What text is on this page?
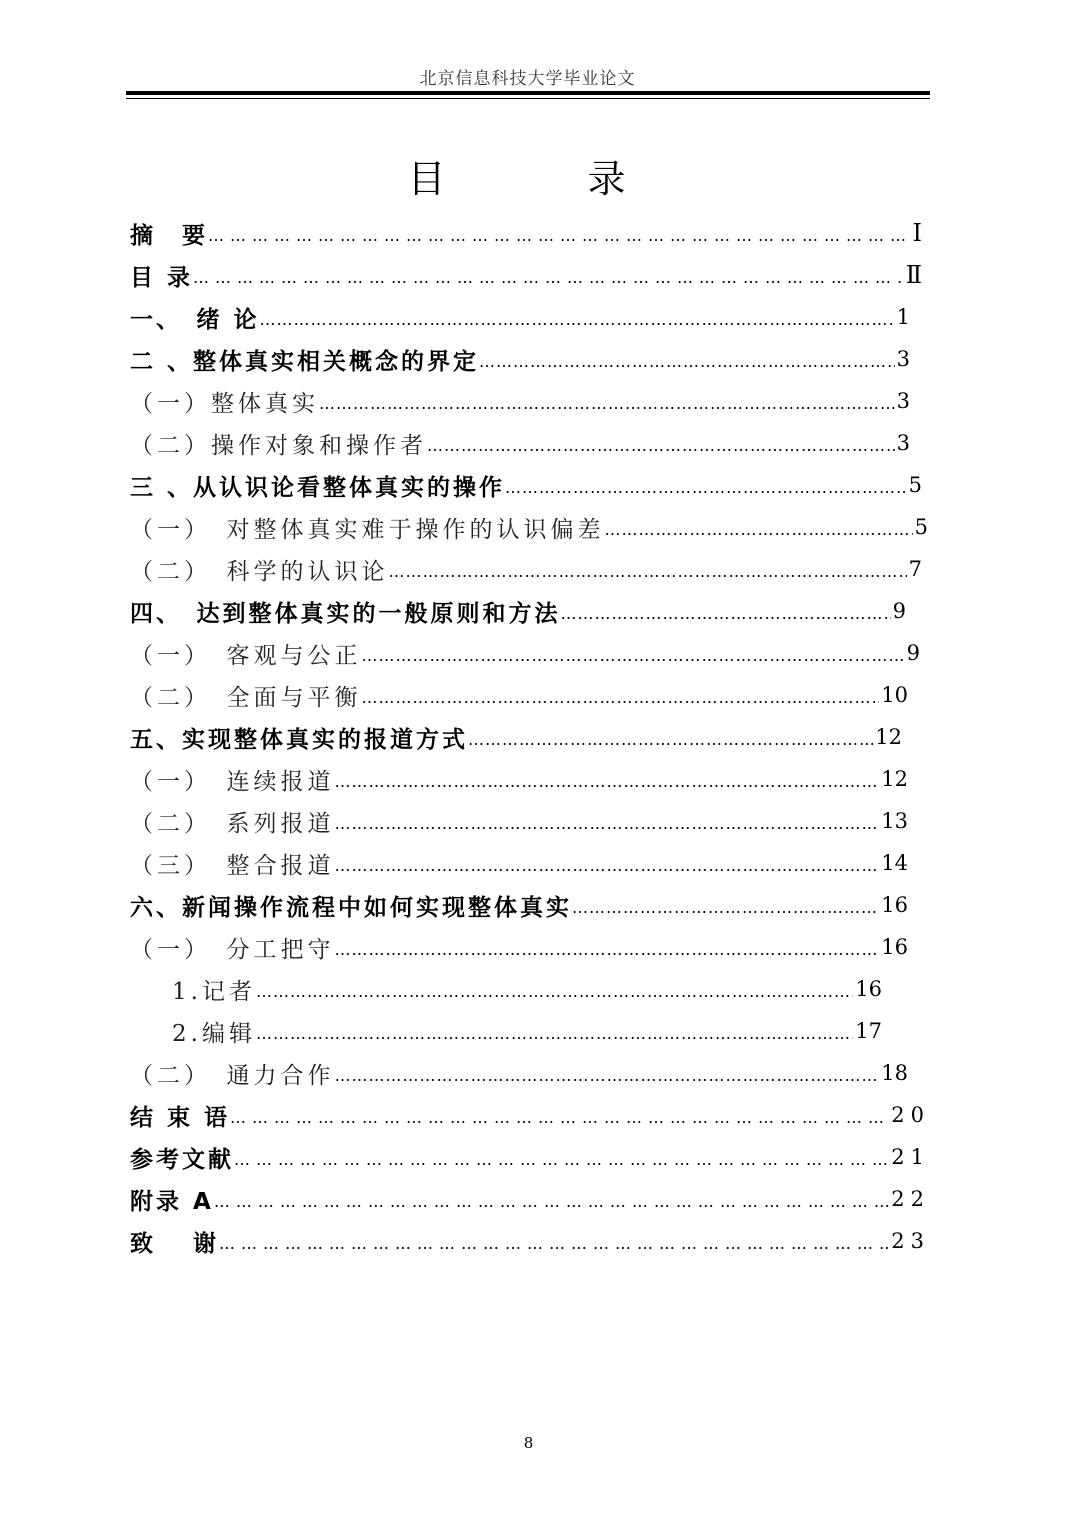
北京信息科技大学毕业论文
目　录
摘　要 …………………………………………………………………………………………………………………………………………………………………………………………………………………………	Ⅰ
目 录 …………………………………………………………………………………………………………………………………………………………………………………………………………………………	Ⅱ
一、　绪 论 …………………………………………………………………………………………………………………………………………………………………………………………………………………………	1
二 、整体真实相关概念的界定 …………………………………………………………………………………………………………………………………………………………………………………………………………………………	3
（一）整体真实 …………………………………………………………………………………………………………………………………………………………………………………………………………………………	3
（二）操作对象和操作者 …………………………………………………………………………………………………………………………………………………………………………………………………………………………	3
三 、从认识论看整体真实的操作 …………………………………………………………………………………………………………………………………………………………………………………………………………………………	5
（一）　对整体真实难于操作的认识偏差 …………………………………………………………………………………………………………………………………………………………………………………………………………………………	5
（二）　科学的认识论 …………………………………………………………………………………………………………………………………………………………………………………………………………………………	7
四、　达到整体真实的一般原则和方法 …………………………………………………………………………………………………………………………………………………………………………………………………………………………	9
（一）　客观与公正 …………………………………………………………………………………………………………………………………………………………………………………………………………………………	9
（二）　全面与平衡 …………………………………………………………………………………………………………………………………………………………………………………………………………………………	10
五、实现整体真实的报道方式 …………………………………………………………………………………………………………………………………………………………………………………………………………………………	12
（一）　连续报道 …………………………………………………………………………………………………………………………………………………………………………………………………………………………	12
（二）　系列报道 …………………………………………………………………………………………………………………………………………………………………………………………………………………………	13
（三）　整合报道 …………………………………………………………………………………………………………………………………………………………………………………………………………………………	14
六、新闻操作流程中如何实现整体真实 …………………………………………………………………………………………………………………………………………………………………………………………………………………………	16
（一）　分工把守 …………………………………………………………………………………………………………………………………………………………………………………………………………………………	16
1.记者 …………………………………………………………………………………………………………………………………………………………………………………………………………………………	16
2.编辑 …………………………………………………………………………………………………………………………………………………………………………………………………………………………	17
（二）　通力合作 …………………………………………………………………………………………………………………………………………………………………………………………………………………………	18
结 束 语 …………………………………………………………………………………………………………………………………………………………………………………………………………………………	20
参考文献 …………………………………………………………………………………………………………………………………………………………………………………………………………………………	21
附录 A …………………………………………………………………………………………………………………………………………………………………………………………………………………………	22
致　 谢 …………………………………………………………………………………………………………………………………………………………………………………………………………………………	23
8
